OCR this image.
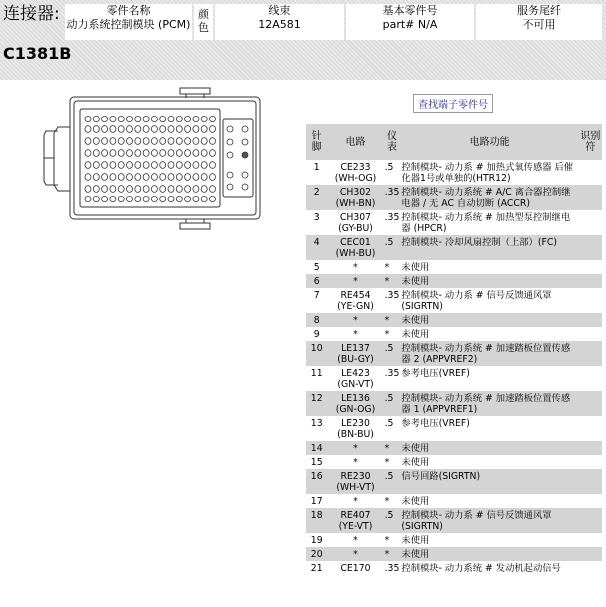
连接器:	零件名称
动力系统控制模块 (PCM)
颜色
线束
12A581
基本零件号
part# N/A
服务尾纤
不可用
C1381B
查找端子零件号
针脚	电路	仪表	电路功能	识别符
1	CE233
(WH-OG)	.5	控制模块- 动力系 # 加热式氧传感器 后催化器1号或单独的(HTR12)	
2	CH302
(WH-BN)	.35	控制模块- 动力系统 # A/C 离合器控制继电器 / 无 AC 自动切断 (ACCR)	
3	CH307
(GY-BU)	.35	控制模块- 动力系统 # 加热型泵控制继电器 (HPCR)	
4	CEC01
(WH-BU)	.5	控制模块- 冷却风扇控制（上部）(FC)	
5	*	*	未使用	
6	*	*	未使用	
7	RE454
(YE-GN)	.35	控制模块- 动力系 # 信号反馈通风罩 (SIGRTN)	
8	*	*	未使用	
9	*	*	未使用	
10	LE137
(BU-GY)	.5	控制模块- 动力系统 # 加速踏板位置传感器 2 (APPVREF2)	
11	LE423
(GN-VT)	.35	参考电压(VREF)	
12	LE136
(GN-OG)	.5	控制模块- 动力系统 # 加速踏板位置传感器 1 (APPVREF1)	
13	LE230
(BN-BU)	.5	参考电压(VREF)	
14	*	*	未使用	
15	*	*	未使用	
16	RE230
(WH-VT)	.5	信号回路(SIGRTN)	
17	*	*	未使用	
18	RE407
(YE-VT)	.5	控制模块- 动力系 # 信号反馈通风罩 (SIGRTN)	
19	*	*	未使用	
20	*	*	未使用	
21	CE170	.35	控制模块- 动力系统 # 发动机起动信号	
